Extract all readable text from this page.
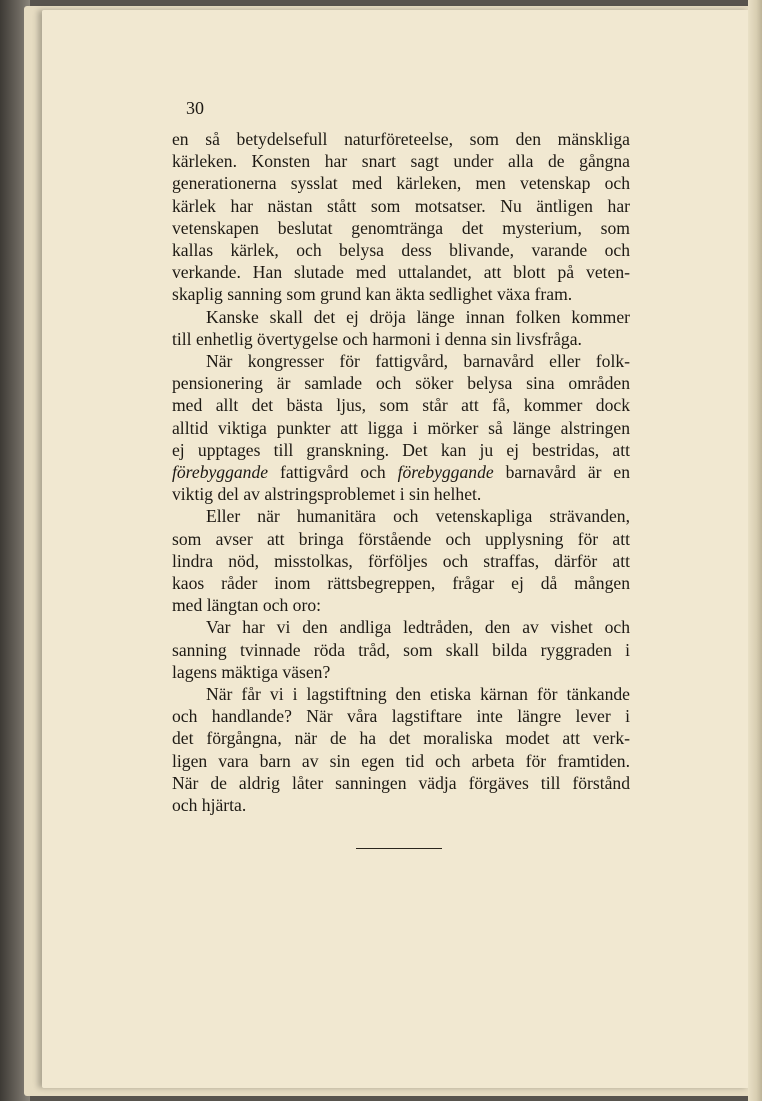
30
en så betydelsefull naturföreteelse, som den mänskliga
kärleken. Konsten har snart sagt under alla de gångna
generationerna sysslat med kärleken, men vetenskap och
kärlek har nästan stått som motsatser. Nu äntligen har
vetenskapen beslutat genomtränga det mysterium, som
kallas kärlek, och belysa dess blivande, varande och
verkande. Han slutade med uttalandet, att blott på veten-
skaplig sanning som grund kan äkta sedlighet växa fram.
Kanske skall det ej dröja länge innan folken kommer
till enhetlig övertygelse och harmoni i denna sin livsfråga.
När kongresser för fattigvård, barnavård eller folk-
pensionering är samlade och söker belysa sina områden
med allt det bästa ljus, som står att få, kommer dock
alltid viktiga punkter att ligga i mörker så länge alstringen
ej upptages till granskning. Det kan ju ej bestridas, att
förebyggande fattigvård och förebyggande barnavård är en
viktig del av alstringsproblemet i sin helhet.
Eller när humanitära och vetenskapliga strävanden,
som avser att bringa förstående och upplysning för att
lindra nöd, misstolkas, förföljes och straffas, därför att
kaos råder inom rättsbegreppen, frågar ej då mången
med längtan och oro:
Var har vi den andliga ledtråden, den av vishet och
sanning tvinnade röda tråd, som skall bilda ryggraden i
lagens mäktiga väsen?
När får vi i lagstiftning den etiska kärnan för tänkande
och handlande? När våra lagstiftare inte längre lever i
det förgångna, när de ha det moraliska modet att verk-
ligen vara barn av sin egen tid och arbeta för framtiden.
När de aldrig låter sanningen vädja förgäves till förstånd
och hjärta.
